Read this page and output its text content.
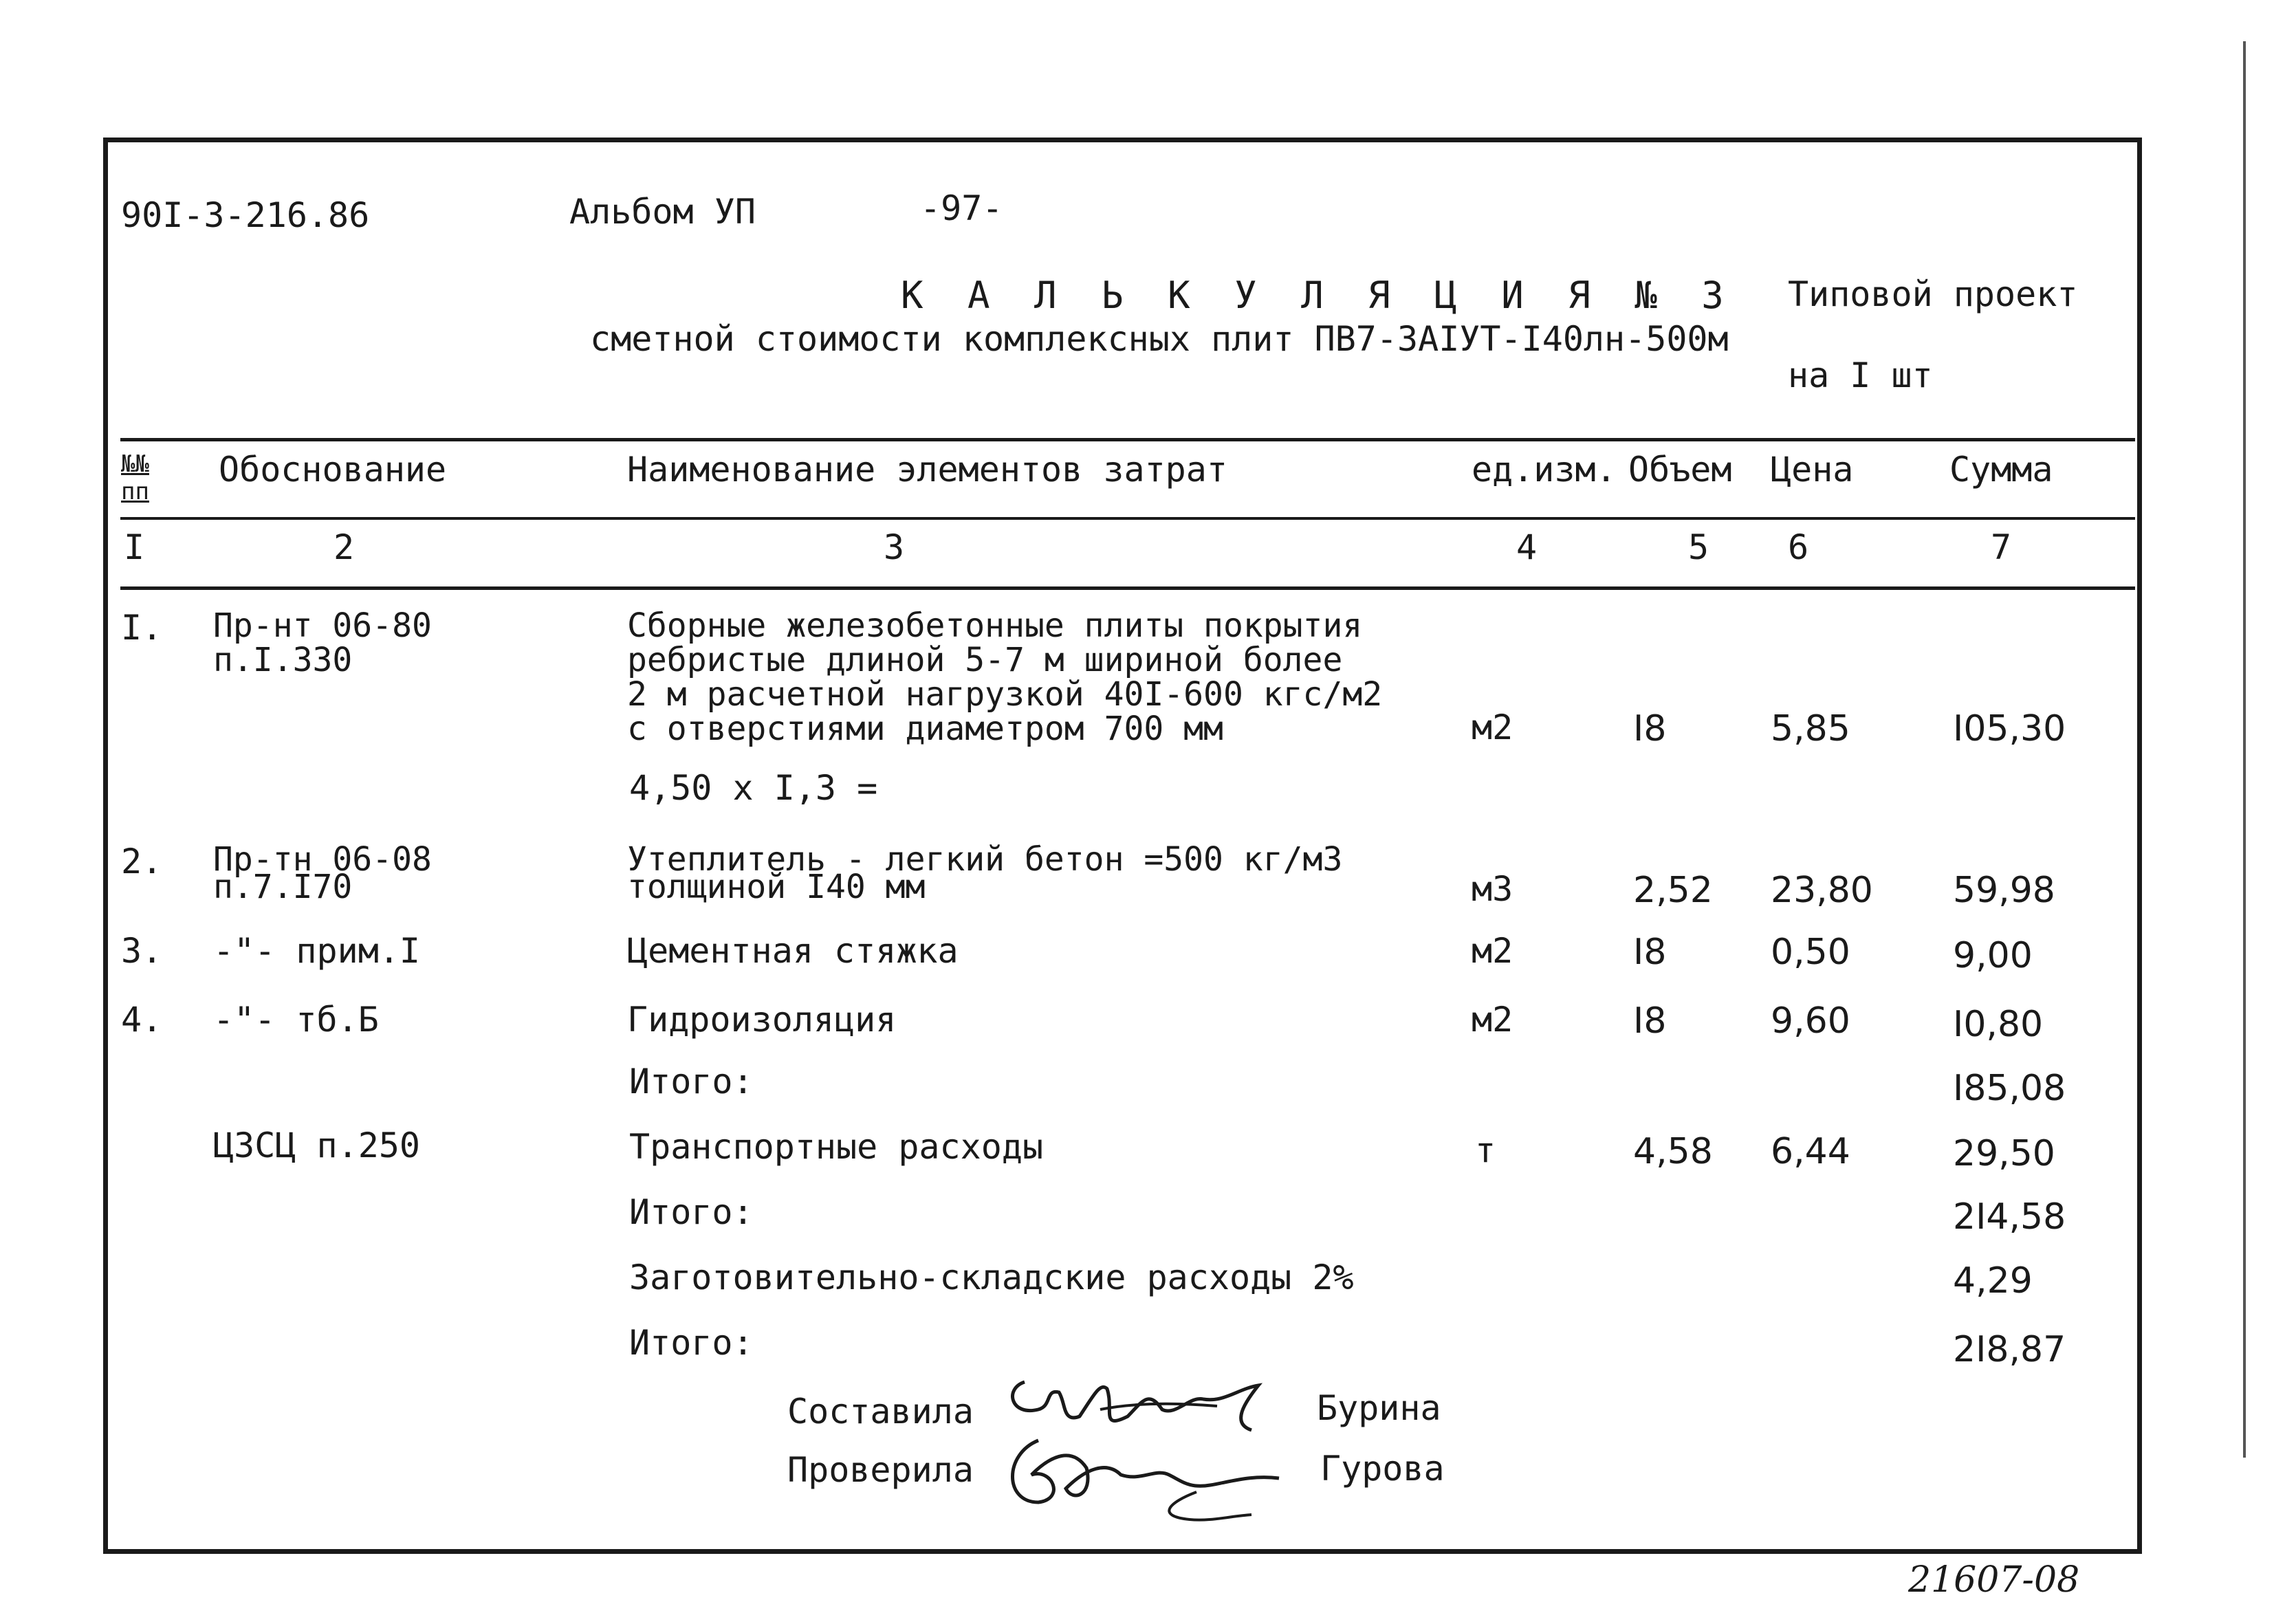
90I-3-216.86	Альбом УП	-97-
К А Л Ь К У Л Я Ц И Я № 3
сметной стоимости комплексных плит ПВ7-3АIУТ-I40лн-500м
Типовой проект
на I шт
№№ пп
Обоснование	Наименование элементов затрат	ед.изм. Объем Цена	Сумма
I	2	3	4	5 6	7
I. Пр-нт 06-80
п.I.330
Сборные железобетонные плиты покрытия
ребристые длиной 5-7 м шириной более
2 м расчетной нагрузкой 40I-600 кгс/м2
с отверстиями диаметром 700 мм	м2	I8	5,85	I05,30
4,50 x I,3 =
2. Пр-тн 06-08
п.7.I70
Утеплитель - легкий бетон =500 кг/м3
толщиной I40 мм	м3	2,52 23,80 59,98
3. -"- прим.I	Цементная стяжка	м2	I8	0,50	9,00
4. -"- тб.Б	Гидроизоляция	м2	I8	9,60	I0,80
Итого:	I85,08
ЦЗСЦ п.250	Транспортные расходы	т	4,58 6,44	29,50
Итого:	2I4,58
Заготовительно-складские расходы 2%	4,29
Итого:	2I8,87
Составила	Бурина
Проверила	Гурова
21607-08
